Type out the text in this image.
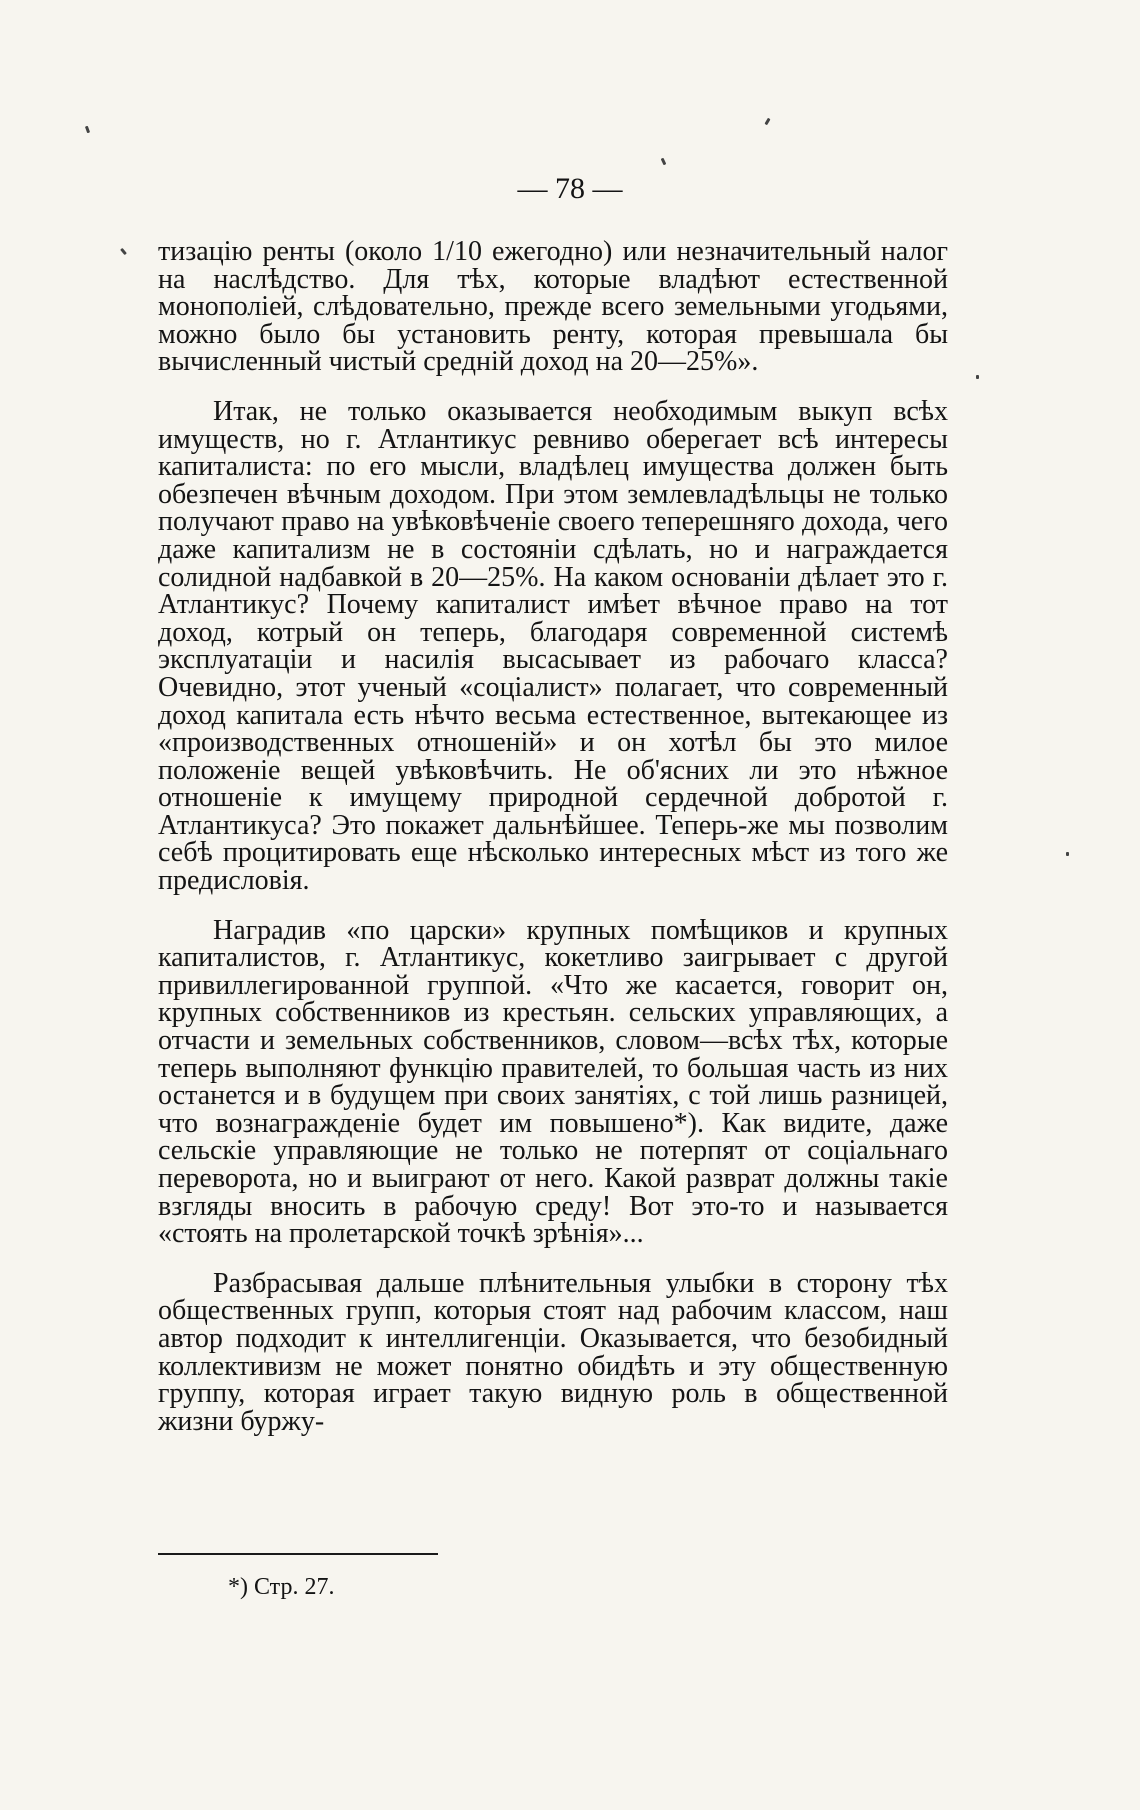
— 78 —

тизацію ренты (около 1/10 ежегодно) или незначительный налог на наслѣдство. Для тѣх, которые владѣют естественной монополіей, слѣдовательно, прежде всего земельными угодьями, можно было бы установить ренту, которая превышала бы вычисленный чистый средній доход на 20—25%».

Итак, не только оказывается необходимым выкуп всѣх имуществ, но г. Атлантикус ревниво оберегает всѣ интересы капиталиста: по его мысли, владѣлец имущества должен быть обезпечен вѣчным доходом. При этом землевладѣльцы не только получают право на увѣковѣченіе своего теперешняго дохода, чего даже капитализм не в состояніи сдѣлать, но и награждается солидной надбавкой в 20—25%. На каком основаніи дѣлает это г. Атлантикус? Почему капиталист имѣет вѣчное право на тот доход, котрый он теперь, благодаря современной системѣ эксплуатаціи и насилія высасывает из рабочаго класса? Очевидно, этот ученый «соціалист» полагает, что современный доход капитала есть нѣчто весьма естественное, вытекающее из «производственных отношеній» и он хотѣл бы это милое положеніе вещей увѣковѣчить. Не об'ясних ли это нѣжное отношеніе к имущему природной сердечной добротой г. Атлантикуса? Это покажет дальнѣйшее. Теперь-же мы позволим себѣ процитировать еще нѣсколько интересных мѣст из того же предисловія.

Наградив «по царски» крупных помѣщиков и крупных капиталистов, г. Атлантикус, кокетливо заигрывает с другой привиллегированной группой. «Что же касается, говорит он, крупных собственников из крестьян. сельских управляющих, а отчасти и земельных собственников, словом—всѣх тѣх, которые теперь выполняют функцію правителей, то большая часть из них останется и в будущем при своих занятіях, с той лишь разницей, что вознагражденіе будет им повышено*). Как видите, даже сельскіе управляющие не только не потерпят от соціальнаго переворота, но и выиграют от него. Какой разврат должны такіе взгляды вносить в рабочую среду! Вот это-то и называется «стоять на пролетарской точкѣ зрѣнія»...

Разбрасывая дальше плѣнительныя улыбки в сторону тѣх общественных групп, которыя стоят над рабочим классом, наш автор подходит к интеллигенціи. Оказывается, что безобидный коллективизм не может понятно обидѣть и эту общественную группу, которая играет такую видную роль в общественной жизни буржу-

*) Стр. 27.
